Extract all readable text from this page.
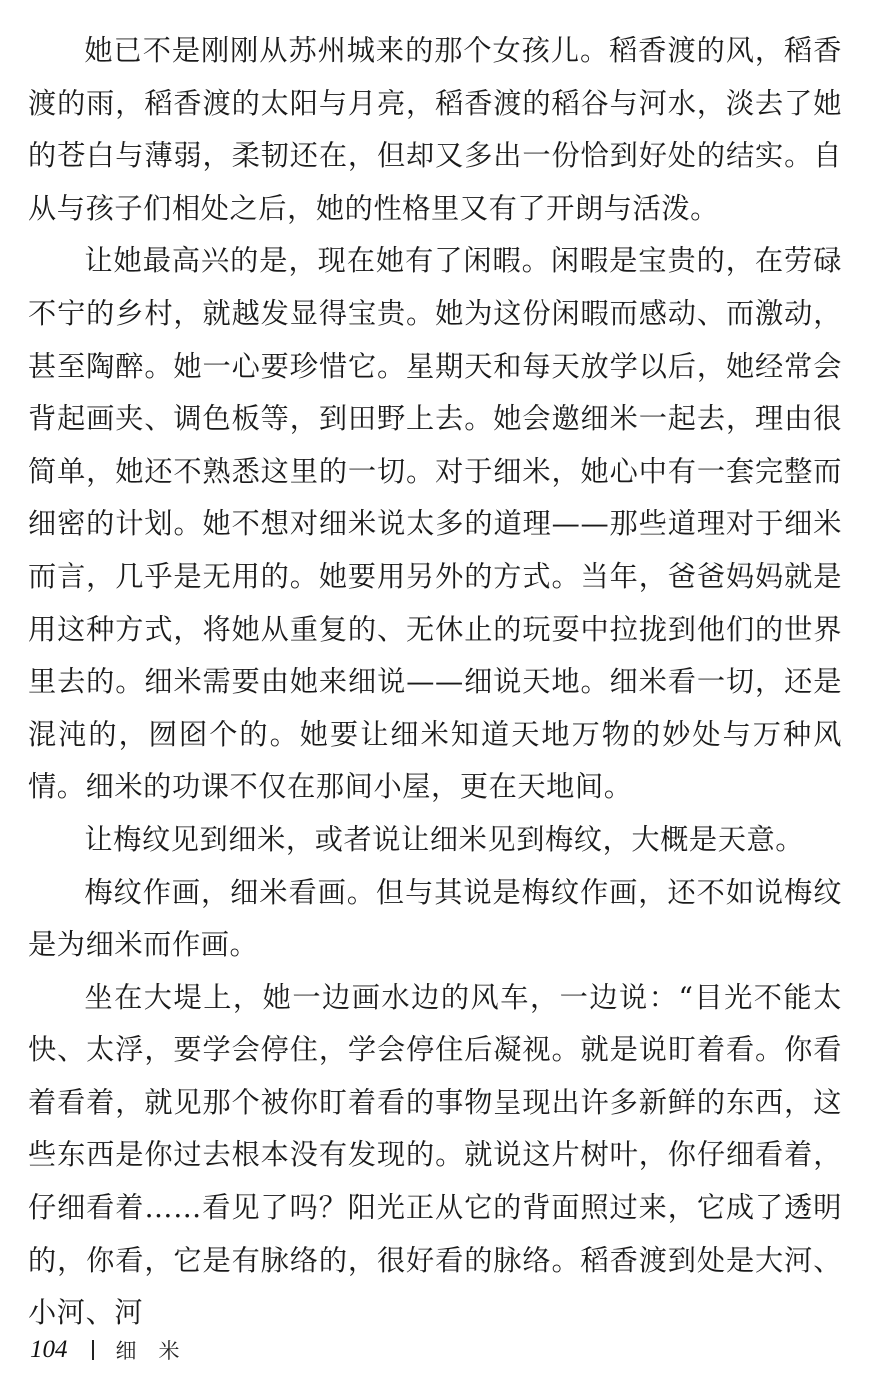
她已不是刚刚从苏州城来的那个女孩儿。稻香渡的风，稻香渡的雨，稻香渡的太阳与月亮，稻香渡的稻谷与河水，淡去了她的苍白与薄弱，柔韧还在，但却又多出一份恰到好处的结实。自从与孩子们相处之后，她的性格里又有了开朗与活泼。

让她最高兴的是，现在她有了闲暇。闲暇是宝贵的，在劳碌不宁的乡村，就越发显得宝贵。她为这份闲暇而感动、而激动，甚至陶醉。她一心要珍惜它。星期天和每天放学以后，她经常会背起画夹、调色板等，到田野上去。她会邀细米一起去，理由很简单，她还不熟悉这里的一切。对于细米，她心中有一套完整而细密的计划。她不想对细米说太多的道理——那些道理对于细米而言，几乎是无用的。她要用另外的方式。当年，爸爸妈妈就是用这种方式，将她从重复的、无休止的玩耍中拉拢到他们的世界里去的。细米需要由她来细说——细说天地。细米看一切，还是混沌的，囫囵个的。她要让细米知道天地万物的妙处与万种风情。细米的功课不仅在那间小屋，更在天地间。

让梅纹见到细米，或者说让细米见到梅纹，大概是天意。

梅纹作画，细米看画。但与其说是梅纹作画，还不如说梅纹是为细米而作画。

坐在大堤上，她一边画水边的风车，一边说：“目光不能太快、太浮，要学会停住，学会停住后凝视。就是说盯着看。你看着看着，就见那个被你盯着看的事物呈现出许多新鲜的东西，这些东西是你过去根本没有发现的。就说这片树叶，你仔细看着，仔细看着……看见了吗？阳光正从它的背面照过来，它成了透明的，你看，它是有脉络的，很好看的脉络。稻香渡到处是大河、小河、河

104 细米
